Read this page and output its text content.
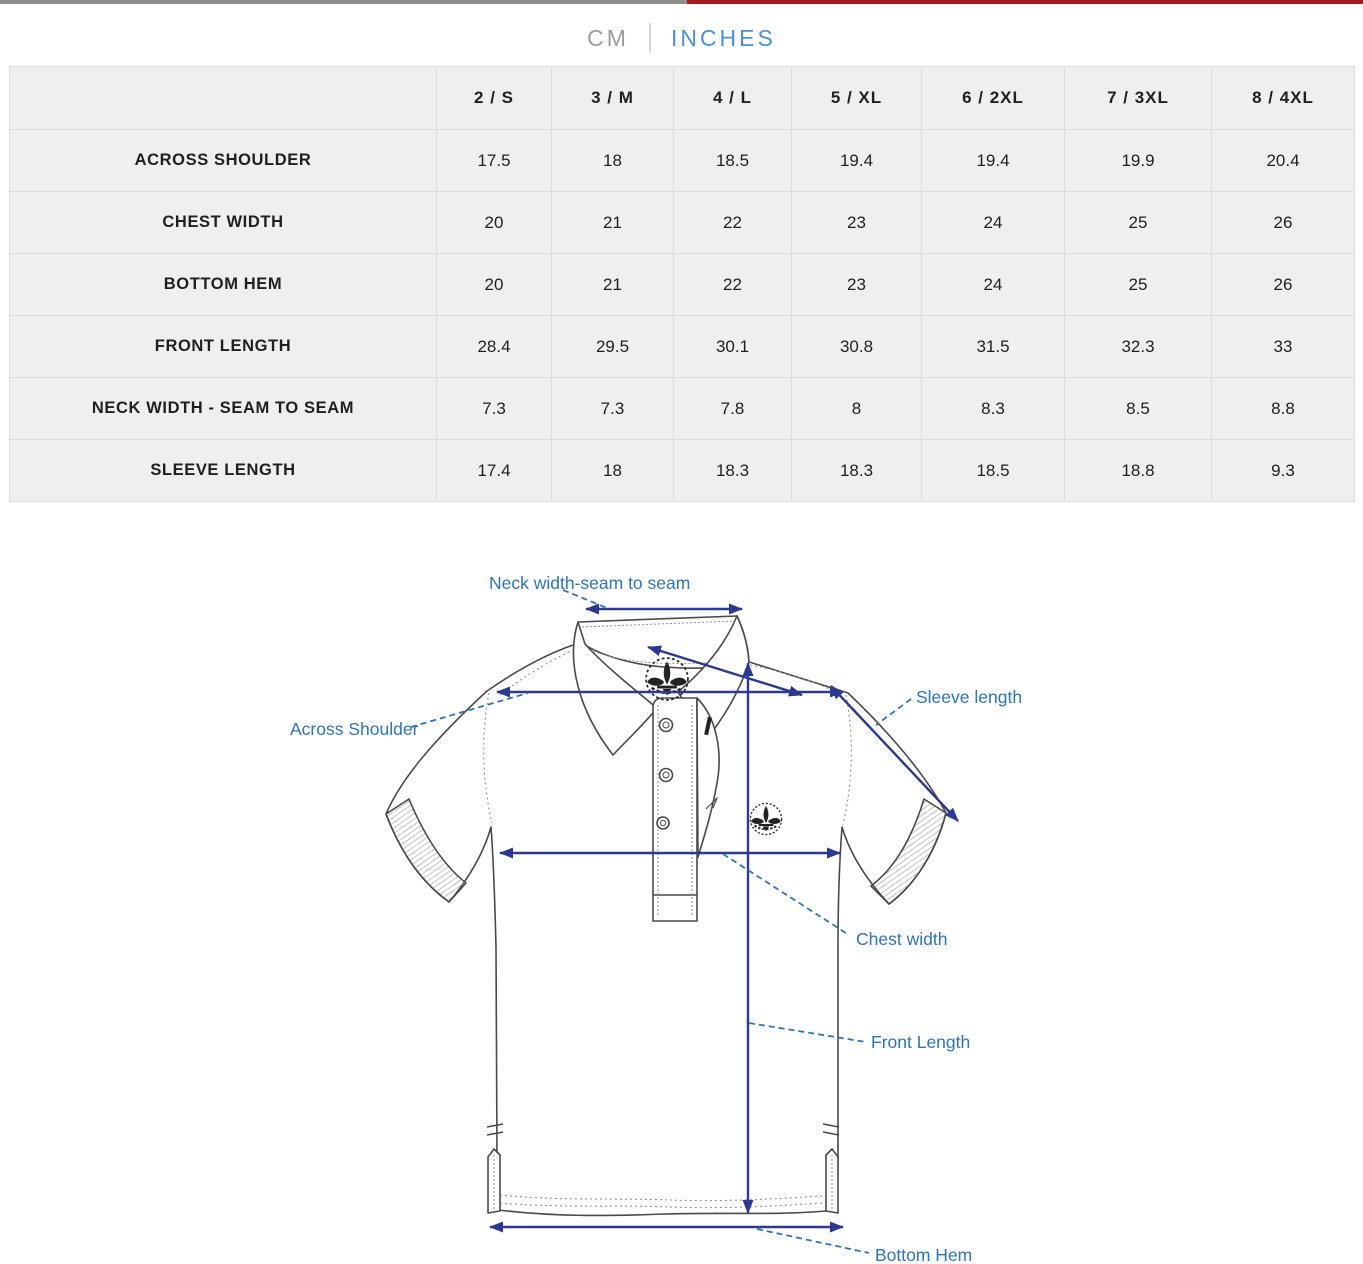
CM INCHES
	2 / S	3 / M	4 / L	5 / XL	6 / 2XL	7 / 3XL	8 / 4XL
ACROSS SHOULDER	17.5	18	18.5	19.4	19.4	19.9	20.4
CHEST WIDTH	20	21	22	23	24	25	26
BOTTOM HEM	20	21	22	23	24	25	26
FRONT LENGTH	28.4	29.5	30.1	30.8	31.5	32.3	33
NECK WIDTH - SEAM TO SEAM	7.3	7.3	7.8	8	8.3	8.5	8.8
SLEEVE LENGTH	17.4	18	18.3	18.3	18.5	18.8	9.3
Neck width-seam to seam
Across Shoulder
Sleeve length
Chest width
Front Length
Bottom Hem
